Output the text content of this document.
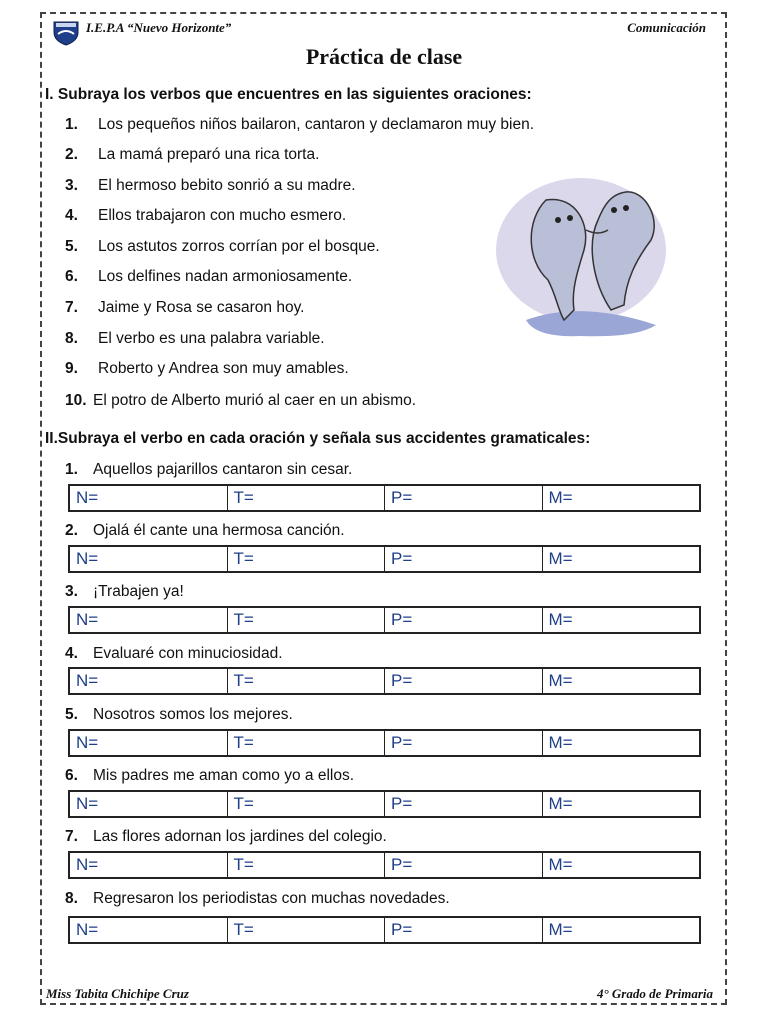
I.E.P.A “Nuevo Horizonte”	Comunicación
Práctica de clase
I. Subraya los verbos que encuentres en las siguientes oraciones:
1. Los pequeños niños bailaron, cantaron y declamaron muy bien.
2. La mamá preparó una rica torta.
3. El hermoso bebito sonrió a su madre.
4. Ellos trabajaron con mucho esmero.
5. Los astutos zorros corrían por el bosque.
6. Los delfines nadan armoniosamente.
7. Jaime y Rosa se casaron hoy.
8. El verbo es una palabra variable.
9. Roberto y Andrea son muy amables.
10. El potro de Alberto murió al caer en un abismo.
II.Subraya el verbo en cada oración y señala sus accidentes gramaticales:
1. Aquellos pajarillos cantaron sin cesar.
N=	T=	P=	M=
2. Ojalá él cante una hermosa canción.
N=	T=	P=	M=
3. ¡Trabajen ya!
N=	T=	P=	M=
4. Evaluaré con minuciosidad.
N=	T=	P=	M=
5. Nosotros somos los mejores.
N=	T=	P=	M=
6. Mis padres me aman como yo a ellos.
N=	T=	P=	M=
7. Las flores adornan los jardines del colegio.
N=	T=	P=	M=
8. Regresaron los periodistas con muchas novedades.
N=	T=	P=	M=
Miss Tabita Chichipe Cruz	4° Grado de Primaria
